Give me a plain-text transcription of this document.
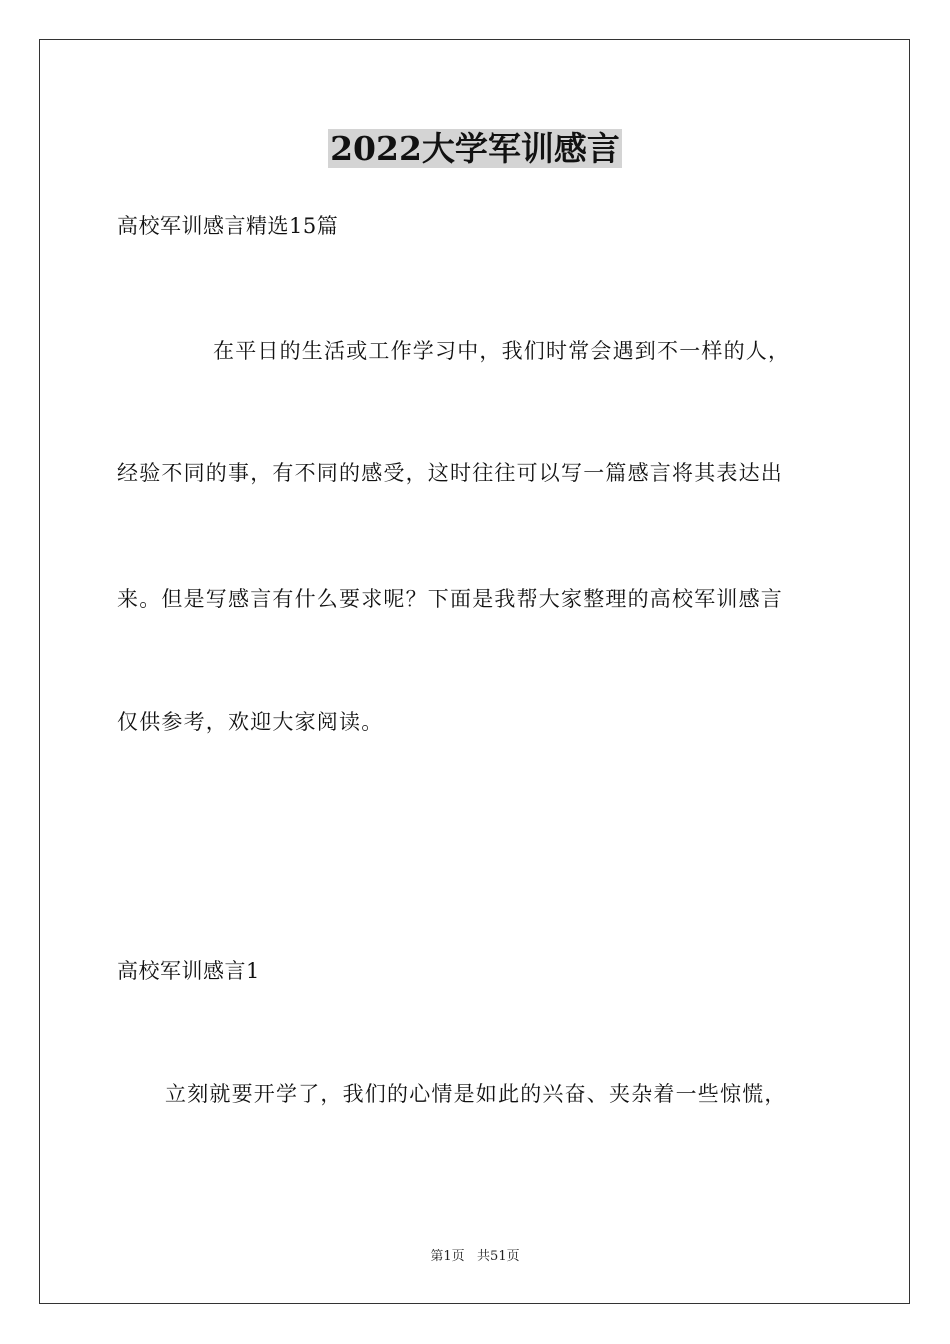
2022大学军训感言
高校军训感言精选15篇
在平日的生活或工作学习中，我们时常会遇到不一样的人，
经验不同的事，有不同的感受，这时往往可以写一篇感言将其表达出
来。但是写感言有什么要求呢？下面是我帮大家整理的高校军训感言
仅供参考，欢迎大家阅读。
高校军训感言1
立刻就要开学了，我们的心情是如此的兴奋、夹杂着一些惊慌，
第1页   共51页
